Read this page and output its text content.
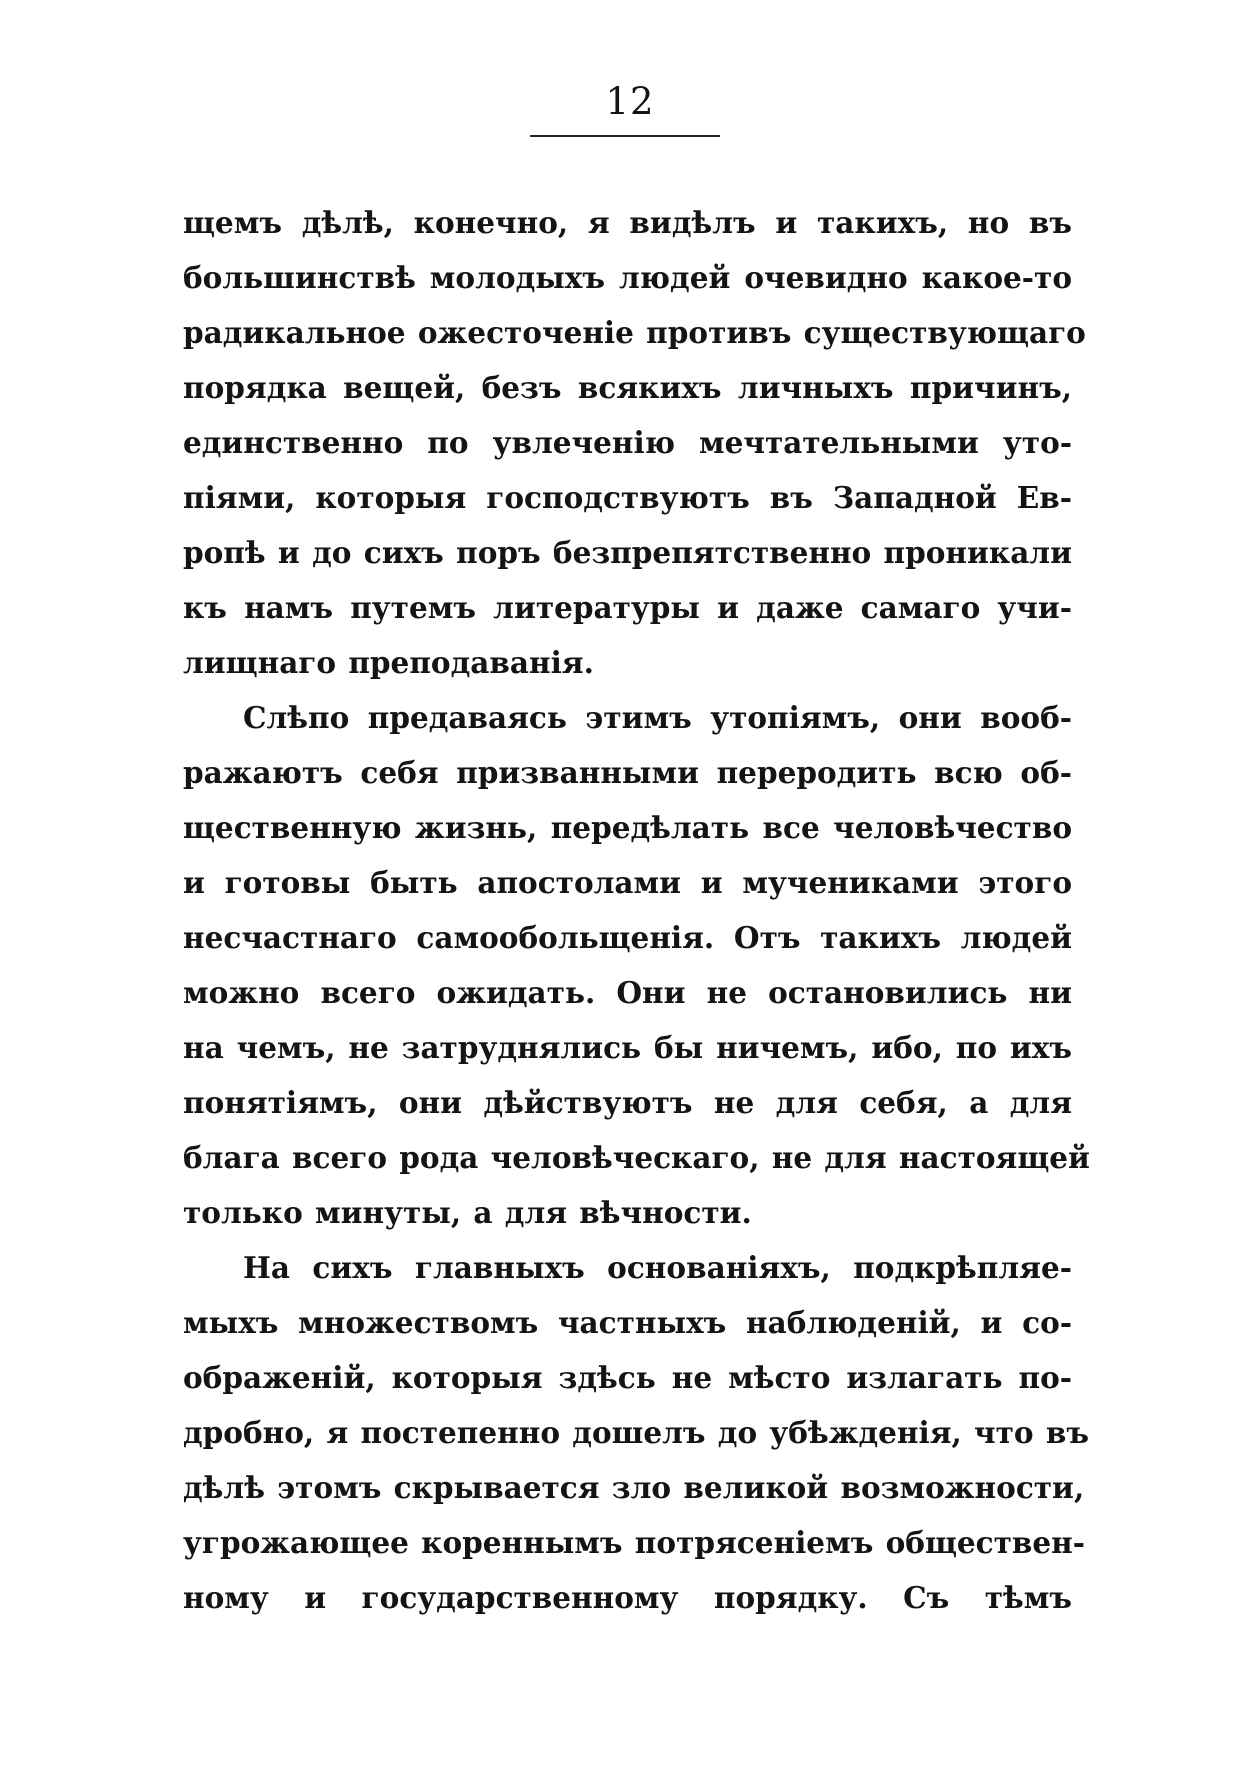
12
щемъ дѣлѣ, конечно, я видѣлъ и такихъ, но въ
большинствѣ молодыхъ людей очевидно какое-то
радикальное ожесточеніе противъ существующаго
порядка вещей, безъ всякихъ личныхъ причинъ,
единственно по увлеченію мечтательными уто-
піями, которыя господствуютъ въ Западной Ев-
ропѣ и до сихъ поръ безпрепятственно проникали
къ намъ путемъ литературы и даже самаго учи-
лищнаго преподаванія.
Слѣпо предаваясь этимъ утопіямъ, они вооб-
ражаютъ себя призванными переродить всю об-
щественную жизнь, передѣлать все человѣчество
и готовы быть апостолами и мучениками этого
несчастнаго самообольщенія. Отъ такихъ людей
можно всего ожидать. Они не остановились ни
на чемъ, не затруднялись бы ничемъ, ибо, по ихъ
понятіямъ, они дѣйствуютъ не для себя, а для
блага всего рода человѣческаго, не для настоящей
только минуты, а для вѣчности.
На сихъ главныхъ основаніяхъ, подкрѣпляе-
мыхъ множествомъ частныхъ наблюденій, и со-
ображеній, которыя здѣсь не мѣсто излагать по-
дробно, я постепенно дошелъ до убѣжденія, что въ
дѣлѣ этомъ скрывается зло великой возможности,
угрожающее кореннымъ потрясеніемъ обществен-
ному и государственному порядку. Съ тѣмъ
